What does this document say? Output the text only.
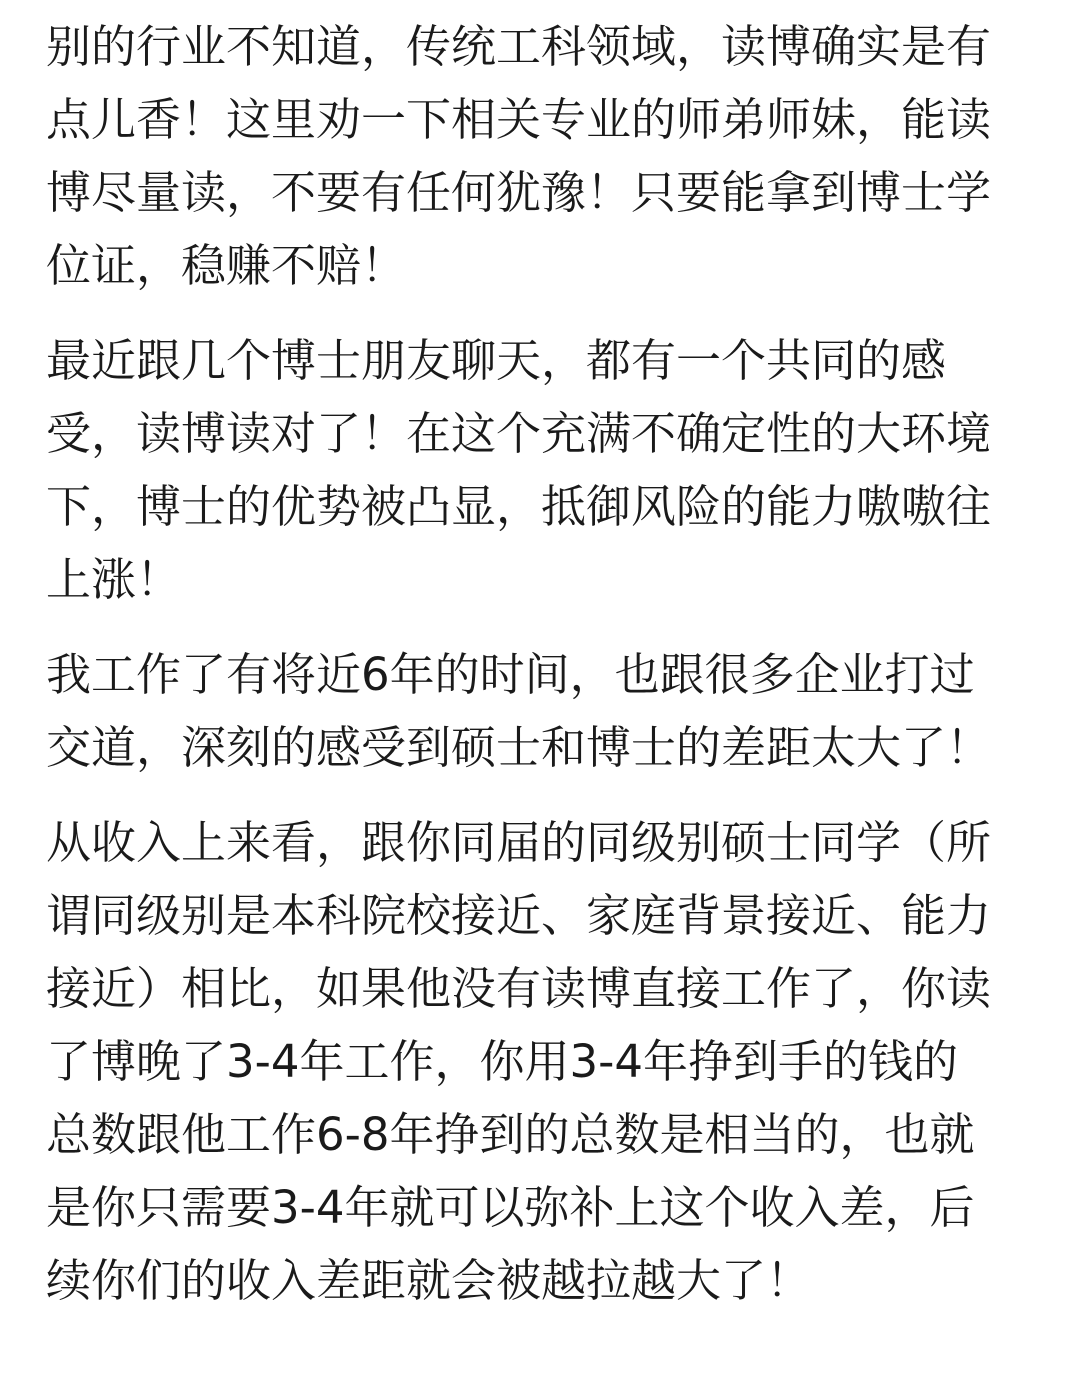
别的行业不知道，传统工科领域，读博确实是有
点儿香！这里劝一下相关专业的师弟师妹，能读
博尽量读，不要有任何犹豫！只要能拿到博士学
位证，稳赚不赔！
最近跟几个博士朋友聊天，都有一个共同的感
受，读博读对了！在这个充满不确定性的大环境
下，博士的优势被凸显，抵御风险的能力嗷嗷往
上涨！
我工作了有将近6年的时间，也跟很多企业打过
交道，深刻的感受到硕士和博士的差距太大了！
从收入上来看，跟你同届的同级别硕士同学（所
谓同级别是本科院校接近、家庭背景接近、能力
接近）相比，如果他没有读博直接工作了，你读
了博晚了3-4年工作，你用3-4年挣到手的钱的
总数跟他工作6-8年挣到的总数是相当的，也就
是你只需要3-4年就可以弥补上这个收入差，后
续你们的收入差距就会被越拉越大了！
